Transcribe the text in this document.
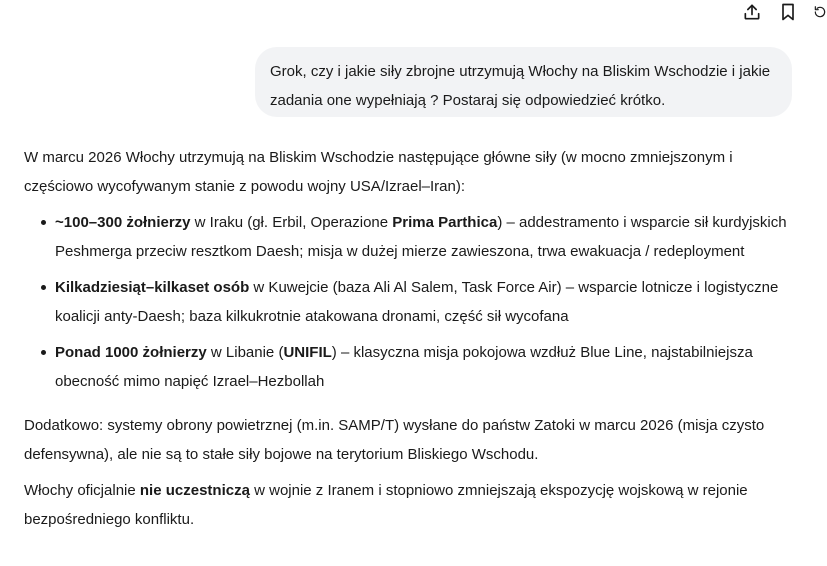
Grok, czy i jakie siły zbrojne utrzymują Włochy na Bliskim Wschodzie i jakie zadania one wypełniają ? Postaraj się odpowiedzieć krótko.

W marcu 2026 Włochy utrzymują na Bliskim Wschodzie następujące główne siły (w mocno zmniejszonym i częściowo wycofywanym stanie z powodu wojny USA/Izrael–Iran):

~100–300 żołnierzy w Iraku (gł. Erbil, Operazione Prima Parthica) – addestramento i wsparcie sił kurdyjskich Peshmerga przeciw resztkom Daesh; misja w dużej mierze zawieszona, trwa ewakuacja / redeployment
Kilkadziesiąt–kilkaset osób w Kuwejcie (baza Ali Al Salem, Task Force Air) – wsparcie lotnicze i logistyczne koalicji anty-Daesh; baza kilkukrotnie atakowana dronami, część sił wycofana
Ponad 1000 żołnierzy w Libanie (UNIFIL) – klasyczna misja pokojowa wzdłuż Blue Line, najstabilniejsza obecność mimo napięć Izrael–Hezbollah

Dodatkowo: systemy obrony powietrznej (m.in. SAMP/T) wysłane do państw Zatoki w marcu 2026 (misja czysto defensywna), ale nie są to stałe siły bojowe na terytorium Bliskiego Wschodu.

Włochy oficjalnie nie uczestniczą w wojnie z Iranem i stopniowo zmniejszają ekspozycję wojskową w rejonie bezpośredniego konfliktu.
